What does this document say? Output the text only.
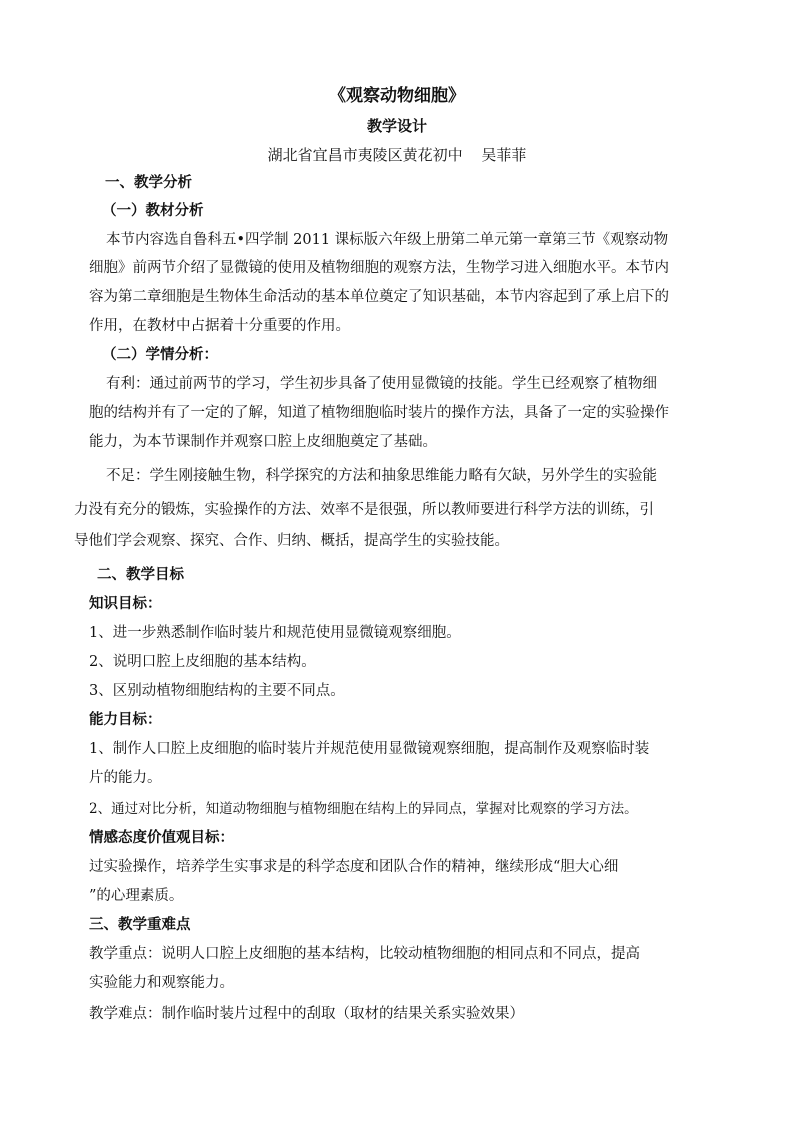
《观察动物细胞》
教学设计
湖北省宜昌市夷陵区黄花初中 吴菲菲
一、教学分析
（一）教材分析
本节内容选自鲁科五•四学制 2011 课标版六年级上册第二单元第一章第三节《观察动物
细胞》前两节介绍了显微镜的使用及植物细胞的观察方法，生物学习进入细胞水平。本节内
容为第二章细胞是生物体生命活动的基本单位奠定了知识基础，本节内容起到了承上启下的
作用，在教材中占据着十分重要的作用。
（二）学情分析：
有利：通过前两节的学习，学生初步具备了使用显微镜的技能。学生已经观察了植物细
胞的结构并有了一定的了解，知道了植物细胞临时装片的操作方法，具备了一定的实验操作
能力，为本节课制作并观察口腔上皮细胞奠定了基础。
不足：学生刚接触生物，科学探究的方法和抽象思维能力略有欠缺，另外学生的实验能
力没有充分的锻炼，实验操作的方法、效率不是很强，所以教师要进行科学方法的训练，引
导他们学会观察、探究、合作、归纳、概括，提高学生的实验技能。
二、教学目标
知识目标：
1、进一步熟悉制作临时装片和规范使用显微镜观察细胞。
2、说明口腔上皮细胞的基本结构。
3、区别动植物细胞结构的主要不同点。
能力目标：
1、制作人口腔上皮细胞的临时装片并规范使用显微镜观察细胞，提高制作及观察临时装
片的能力。
2、通过对比分析，知道动物细胞与植物细胞在结构上的异同点，掌握对比观察的学习方法。
情感态度价值观目标：
过实验操作，培养学生实事求是的科学态度和团队合作的精神，继续形成“胆大心细
”的心理素质。
三、教学重难点
教学重点：说明人口腔上皮细胞的基本结构，比较动植物细胞的相同点和不同点，提高
实验能力和观察能力。
教学难点：制作临时装片过程中的刮取（取材的结果关系实验效果）
